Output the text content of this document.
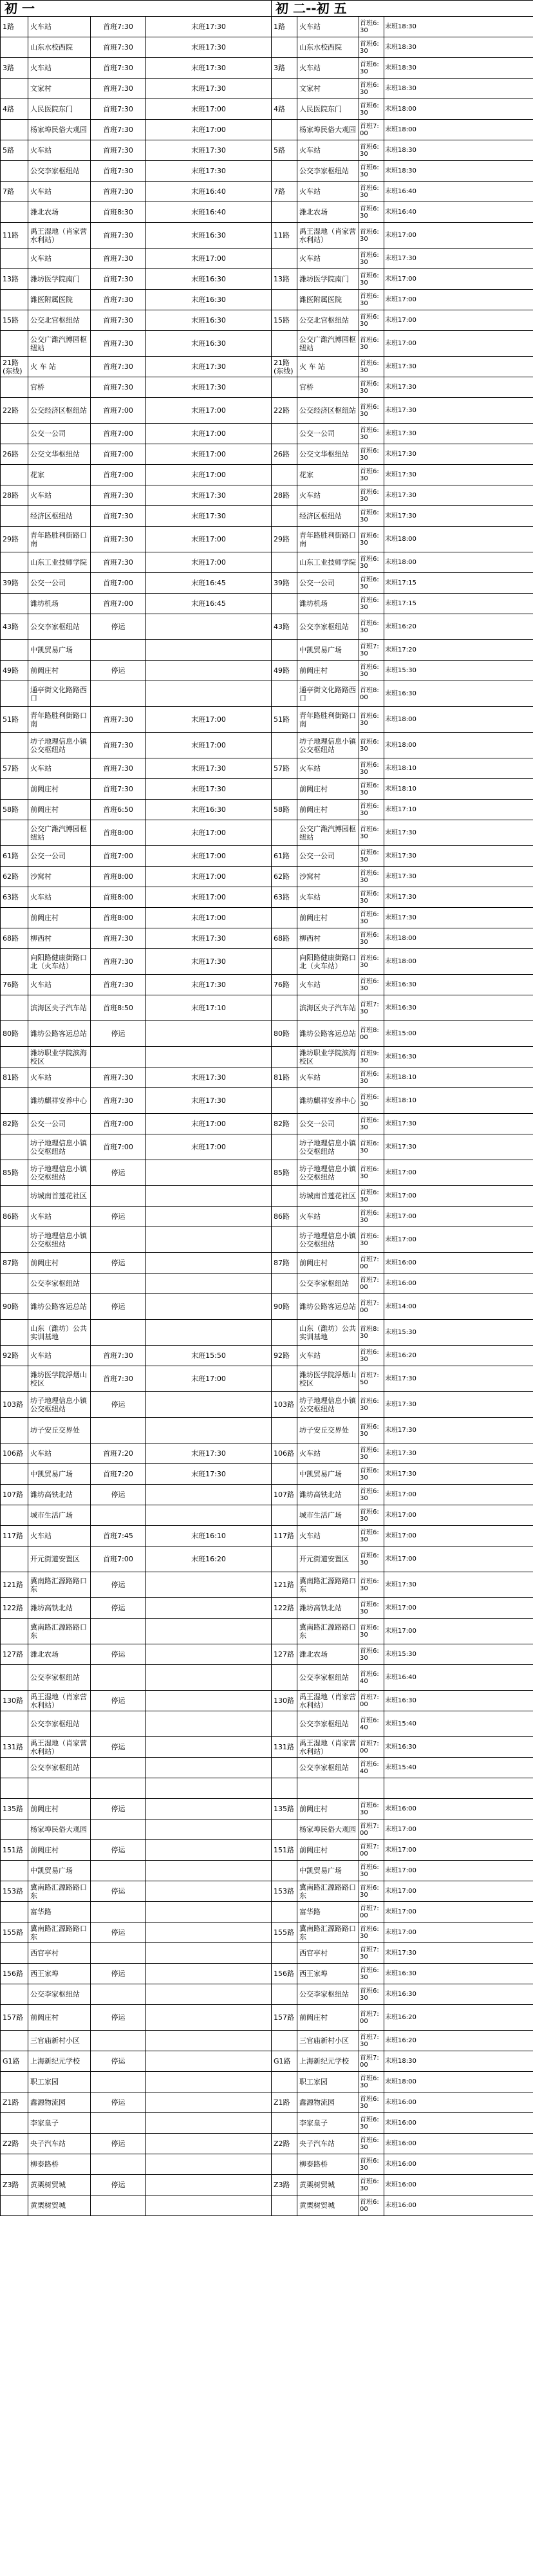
初 一				初 二--初 五			
1路	火车站	首班7:30	末班17:30	1路	火车站	首班6:30	末班18:30
	山东水校西院	首班7:30	末班17:30		山东水校西院	首班6:30	末班18:30
3路	火车站	首班7:30	末班17:30	3路	火车站	首班6:30	末班18:30
	文家村	首班7:30	末班17:30		文家村	首班6:30	末班18:30
4路	人民医院东门	首班7:30	末班17:00	4路	人民医院东门	首班6:30	末班18:00
	杨家埠民俗大观园	首班7:30	末班17:00		杨家埠民俗大观园	首班7:00	末班18:00
5路	火车站	首班7:30	末班17:30	5路	火车站	首班6:30	末班18:30
	公交李家枢纽站	首班7:30	末班17:30		公交李家枢纽站	首班6:30	末班18:30
7路	火车站	首班7:30	末班16:40	7路	火车站	首班6:30	末班16:40
	潍北农场	首班8:30	末班16:40		潍北农场	首班6:30	末班16:40
11路	禹王湿地（肖家营水利站）	首班7:30	末班16:30	11路	禹王湿地（肖家营水利站）	首班6:30	末班17:00
	火车站	首班7:30	末班17:00		火车站	首班6:30	末班17:30
13路	潍坊医学院南门	首班7:30	末班16:30	13路	潍坊医学院南门	首班6:30	末班17:00
	潍医附属医院	首班7:30	末班16:30		潍医附属医院	首班6:30	末班17:00
15路	公交北宫枢纽站	首班7:30	末班16:30	15路	公交北宫枢纽站	首班6:30	末班17:00
	公交广潍汽博园枢纽站	首班7:30	末班16:30		公交广潍汽博园枢纽站	首班6:30	末班17:00
21路(东线)	火 车 站	首班7:30	末班17:30	21路(东线)	火 车 站	首班6:30	末班17:30
	官桥	首班7:30	末班17:30		官桥	首班6:30	末班17:30
22路	公交经济区枢纽站	首班7:00	末班17:00	22路	公交经济区枢纽站	首班6:30	末班17:30
	公交一公司	首班7:00	末班17:00		公交一公司	首班6:30	末班17:30
26路	公交文华枢纽站	首班7:00	末班17:00	26路	公交文华枢纽站	首班6:30	末班17:30
	花家	首班7:00	末班17:00		花家	首班6:30	末班17:30
28路	火车站	首班7:30	末班17:30	28路	火车站	首班6:30	末班17:30
	经济区枢纽站	首班7:30	末班17:30		经济区枢纽站	首班6:30	末班17:30
29路	青年路胜利街路口南	首班7:30	末班17:00	29路	青年路胜利街路口南	首班6:30	末班18:00
	山东工业技师学院	首班7:30	末班17:00		山东工业技师学院	首班6:30	末班18:00
39路	公交一公司	首班7:00	末班16:45	39路	公交一公司	首班6:30	末班17:15
	潍坊机场	首班7:00	末班16:45		潍坊机场	首班6:30	末班17:15
43路	公交李家枢纽站	停运		43路	公交李家枢纽站	首班6:30	末班16:20
	中凯贸易广场				中凯贸易广场	首班7:30	末班17:20
49路	前阙庄村	停运		49路	前阙庄村	首班6:30	末班15:30
	通亭街文化路路西口				通亭街文化路路西口	首班8:00	末班16:30
51路	青年路胜利街路口南	首班7:30	末班17:00	51路	青年路胜利街路口南	首班6:30	末班18:00
	坊子地理信息小镇公交枢纽站	首班7:30	末班17:00		坊子地理信息小镇公交枢纽站	首班6:30	末班18:00
57路	火车站	首班7:30	末班17:30	57路	火车站	首班6:30	末班18:10
	前阙庄村	首班7:30	末班17:30		前阙庄村	首班6:30	末班18:10
58路	前阙庄村	首班6:50	末班16:30	58路	前阙庄村	首班6:30	末班17:10
	公交广潍汽博园枢纽站	首班8:00	末班17:00		公交广潍汽博园枢纽站	首班6:30	末班17:30
61路	公交一公司	首班7:00	末班17:00	61路	公交一公司	首班6:30	末班17:30
62路	沙窝村	首班8:00	末班17:00	62路	沙窝村	首班6:30	末班17:30
63路	火车站	首班8:00	末班17:00	63路	火车站	首班6:30	末班17:30
	前阙庄村	首班8:00	末班17:00		前阙庄村	首班6:30	末班17:30
68路	柳西村	首班7:30	末班17:30	68路	柳西村	首班6:30	末班18:00
	向阳路健康街路口北（火车站）	首班7:30	末班17:30		向阳路健康街路口北（火车站）	首班6:30	末班18:00
76路	火车站	首班7:30	末班17:30	76路	火车站	首班6:30	末班16:30
	滨海区央子汽车站	首班8:50	末班17:10		滨海区央子汽车站	首班7:30	末班16:30
80路	潍坊公路客运总站	停运		80路	潍坊公路客运总站	首班8:00	末班15:00
	潍坊职业学院滨海校区				潍坊职业学院滨海校区	首班9:30	末班16:30
81路	火车站	首班7:30	末班17:30	81路	火车站	首班6:30	末班18:10
	潍坊麒祥安养中心	首班7:30	末班17:30		潍坊麒祥安养中心	首班6:30	末班18:10
82路	公交一公司	首班7:00	末班17:00	82路	公交一公司	首班6:30	末班17:30
	坊子地理信息小镇公交枢纽站	首班7:00	末班17:00		坊子地理信息小镇公交枢纽站	首班6:30	末班17:30
85路	坊子地理信息小镇公交枢纽站	停运		85路	坊子地理信息小镇公交枢纽站	首班6:30	末班17:00
	坊城南首莲花社区				坊城南首莲花社区	首班6:30	末班17:00
86路	火车站	停运		86路	火车站	首班6:30	末班17:00
	坊子地理信息小镇公交枢纽站				坊子地理信息小镇公交枢纽站	首班6:30	末班17:00
87路	前阙庄村	停运		87路	前阙庄村	首班7:00	末班16:00
	公交李家枢纽站				公交李家枢纽站	首班7:00	末班16:00
90路	潍坊公路客运总站	停运		90路	潍坊公路客运总站	首班7:00	末班14:00
	山东（潍坊）公共实训基地				山东（潍坊）公共实训基地	首班8:30	末班15:30
92路	火车站	首班7:30	末班15:50	92路	火车站	首班6:30	末班16:20
	潍坊医学院浮烟山校区	首班7:30	末班17:00		潍坊医学院浮烟山校区	首班7:50	末班17:30
103路	坊子地理信息小镇公交枢纽站	停运		103路	坊子地理信息小镇公交枢纽站	首班6:30	末班17:30
	坊子安丘交界处				坊子安丘交界处	首班6:30	末班17:30
106路	火车站	首班7:20	末班17:30	106路	火车站	首班6:30	末班17:30
	中凯贸易广场	首班7:20	末班17:30		中凯贸易广场	首班6:30	末班17:30
107路	潍坊高铁北站	停运		107路	潍坊高铁北站	首班6:30	末班17:00
	城市生活广场				城市生活广场	首班6:30	末班17:00
117路	火车站	首班7:45	末班16:10	117路	火车站	首班6:30	末班17:00
	开元街道安置区	首班7:00	末班16:20		开元街道安置区	首班6:30	末班17:00
121路	冀南路汇源路路口东	停运		121路	冀南路汇源路路口东	首班6:30	末班17:30
122路	潍坊高铁北站	停运		122路	潍坊高铁北站	首班6:30	末班17:00
	冀南路汇源路路口东				冀南路汇源路路口东	首班6:30	末班17:00
127路	潍北农场	停运		127路	潍北农场	首班6:30	末班15:30
	公交李家枢纽站				公交李家枢纽站	首班6:40	末班16:40
130路	禹王湿地（肖家营水利站）	停运		130路	禹王湿地（肖家营水利站）	首班7:00	末班16:30
	公交李家枢纽站				公交李家枢纽站	首班6:40	末班15:40
131路	禹王湿地（肖家营水利站）	停运		131路	禹王湿地（肖家营水利站）	首班7:00	末班16:30
	公交李家枢纽站				公交李家枢纽站	首班6:40	末班15:40

135路	前阙庄村	停运		135路	前阙庄村	首班6:30	末班16:00
	杨家埠民俗大观园				杨家埠民俗大观园	首班7:00	末班17:00
151路	前阙庄村	停运		151路	前阙庄村	首班7:00	末班17:00
	中凯贸易广场				中凯贸易广场	首班6:30	末班17:00
153路	冀南路汇源路路口东	停运		153路	冀南路汇源路路口东	首班6:30	末班17:00
	富华路				富华路	首班7:00	末班17:00
155路	冀南路汇源路路口东	停运		155路	冀南路汇源路路口东	首班6:30	末班17:00
	西官亭村				西官亭村	首班7:30	末班17:30
156路	西王家埠	停运		156路	西王家埠	首班6:30	末班16:30
	公交李家枢纽站				公交李家枢纽站	首班6:30	末班16:30
157路	前阙庄村	停运		157路	前阙庄村	首班7:00	末班16:20
	三官庙新村小区				三官庙新村小区	首班7:30	末班16:20
G1路	上海新纪元学校	停运		G1路	上海新纪元学校	首班7:00	末班18:30
	职工家园				职工家园	首班6:30	末班18:00
Z1路	鑫源物流园	停运		Z1路	鑫源物流园	首班6:30	末班16:00
	李家皇子				李家皇子	首班6:30	末班16:00
Z2路	央子汽车站	停运		Z2路	央子汽车站	首班6:30	末班16:00
	柳泰路桥				柳泰路桥	首班6:30	末班16:00
Z3路	黄栗树贸城	停运		Z3路	黄栗树贸城	首班6:30	末班16:00
	黄栗树贸城				黄栗树贸城	首班6:00	末班16:00
